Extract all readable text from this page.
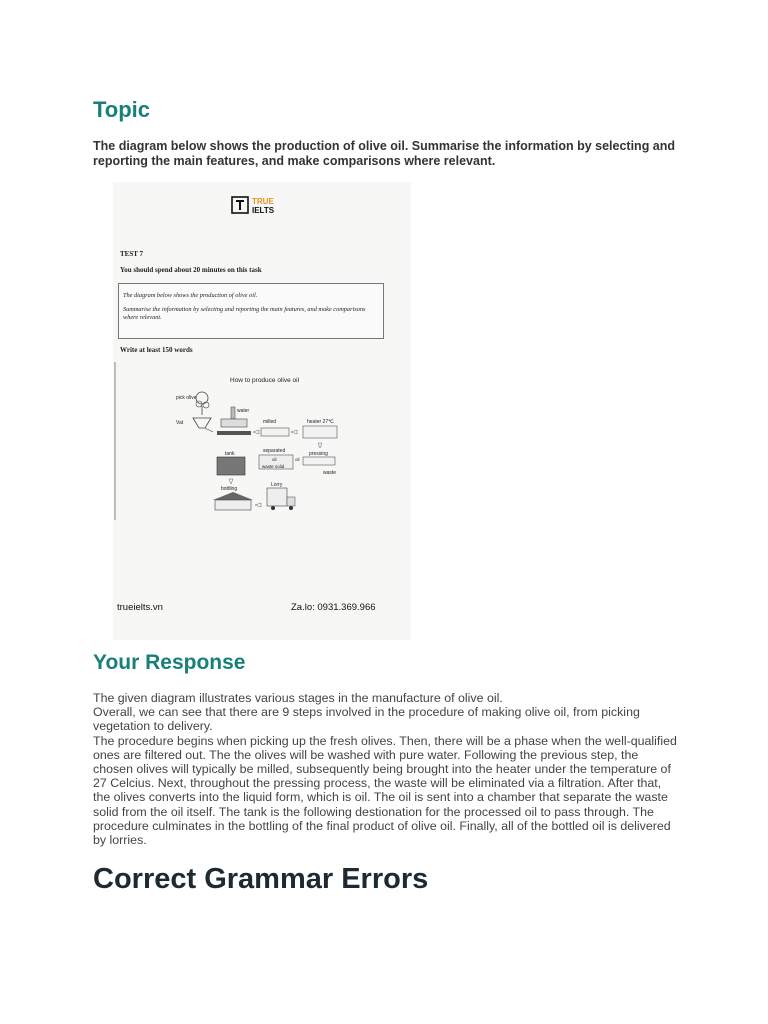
Topic

The diagram below shows the production of olive oil. Summarise the information by selecting and reporting the main features, and make comparisons where relevant.

TRUE
IELTS
TEST 7
You should spend about 20 minutes on this task

The diagram below shows the production of olive oil.

Summarise the information by selecting and reporting the main features, and make comparisons where relevant.

Write at least 150 words
How to produce olive oil
pick olive
Vat
water
milled	heater 27℃
pressing
waste
separated
oil
waste solid
oil
tank
bottling
Lorry
trueielts.vn	Za.lo: 0931.369.966
Your Response

The given diagram illustrates various stages in the manufacture of olive oil.

Overall, we can see that there are 9 steps involved in the procedure of making olive oil, from picking vegetation to delivery.

The procedure begins when picking up the fresh olives. Then, there will be a phase when the well-qualified ones are filtered out. The the olives will be washed with pure water. Following the previous step, the chosen olives will typically be milled, subsequently being brought into the heater under the temperature of 27 Celcius. Next, throughout the pressing process, the waste will be eliminated via a filtration. After that, the olives converts into the liquid form, which is oil. The oil is sent into a chamber that separate the waste solid from the oil itself. The tank is the following destionation for the processed oil to pass through. The procedure culminates in the bottling of the final product of olive oil. Finally, all of the bottled oil is delivered by lorries.

Correct Grammar Errors
